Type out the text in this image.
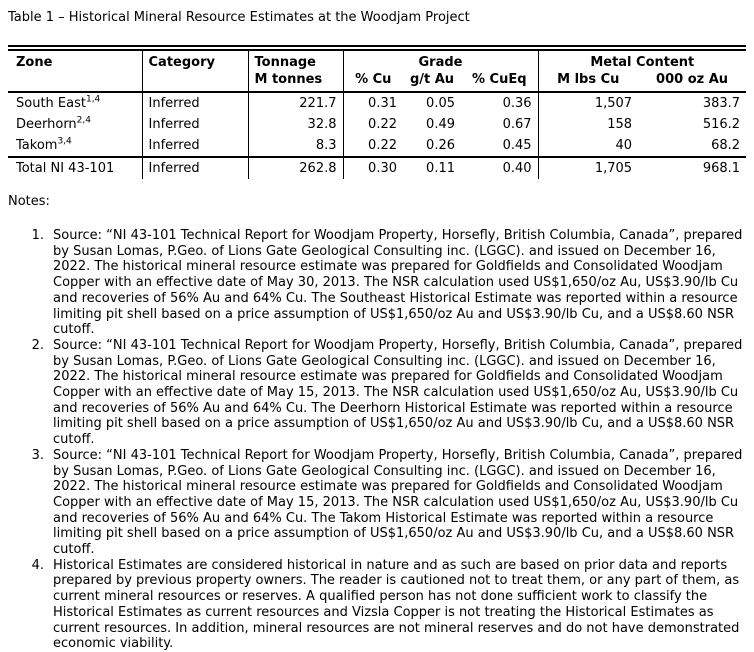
Table 1 – Historical Mineral Resource Estimates at the Woodjam Project
Zone	Category	Tonnage	Grade			Metal Content	
		M tonnes	% Cu	g/t Au	% CuEq	M lbs Cu	000 oz Au
South East$^{1,4}$	Inferred	221.7	0.31	0.05	0.36	1,507	383.7
Deerhorn$^{2,4}$	Inferred	32.8	0.22	0.49	0.67	158	516.2
Takom$^{3,4}$	Inferred	8.3	0.22	0.26	0.45	40	68.2
Total NI 43-101	Inferred	262.8	0.30	0.11	0.40	1,705	968.1
Notes:
1. Source: “NI 43-101 Technical Report for Woodjam Property, Horsefly, British Columbia, Canada”, prepared by Susan Lomas, P.Geo. of Lions Gate Geological Consulting inc. (LGGC). and issued on December 16, 2022. The historical mineral resource estimate was prepared for Goldfields and Consolidated Woodjam Copper with an effective date of May 30, 2013. The NSR calculation used US$1,650/oz Au, US$3.90/lb Cu and recoveries of 56% Au and 64% Cu. The Southeast Historical Estimate was reported within a resource limiting pit shell based on a price assumption of US$1,650/oz Au and US$3.90/lb Cu, and a US$8.60 NSR cutoff.
2. Source: “NI 43-101 Technical Report for Woodjam Property, Horsefly, British Columbia, Canada”, prepared by Susan Lomas, P.Geo. of Lions Gate Geological Consulting inc. (LGGC). and issued on December 16, 2022. The historical mineral resource estimate was prepared for Goldfields and Consolidated Woodjam Copper with an effective date of May 15, 2013. The NSR calculation used US$1,650/oz Au, US$3.90/lb Cu and recoveries of 56% Au and 64% Cu. The Deerhorn Historical Estimate was reported within a resource limiting pit shell based on a price assumption of US$1,650/oz Au and US$3.90/lb Cu, and a US$8.60 NSR cutoff.
3. Source: “NI 43-101 Technical Report for Woodjam Property, Horsefly, British Columbia, Canada”, prepared by Susan Lomas, P.Geo. of Lions Gate Geological Consulting inc. (LGGC). and issued on December 16, 2022. The historical mineral resource estimate was prepared for Goldfields and Consolidated Woodjam Copper with an effective date of May 15, 2013. The NSR calculation used US$1,650/oz Au, US$3.90/lb Cu and recoveries of 56% Au and 64% Cu. The Takom Historical Estimate was reported within a resource limiting pit shell based on a price assumption of US$1,650/oz Au and US$3.90/lb Cu, and a US$8.60 NSR cutoff.
4. Historical Estimates are considered historical in nature and as such are based on prior data and reports prepared by previous property owners. The reader is cautioned not to treat them, or any part of them, as current mineral resources or reserves. A qualified person has not done sufficient work to classify the Historical Estimates as current resources and Vizsla Copper is not treating the Historical Estimates as current resources. In addition, mineral resources are not mineral reserves and do not have demonstrated economic viability.
